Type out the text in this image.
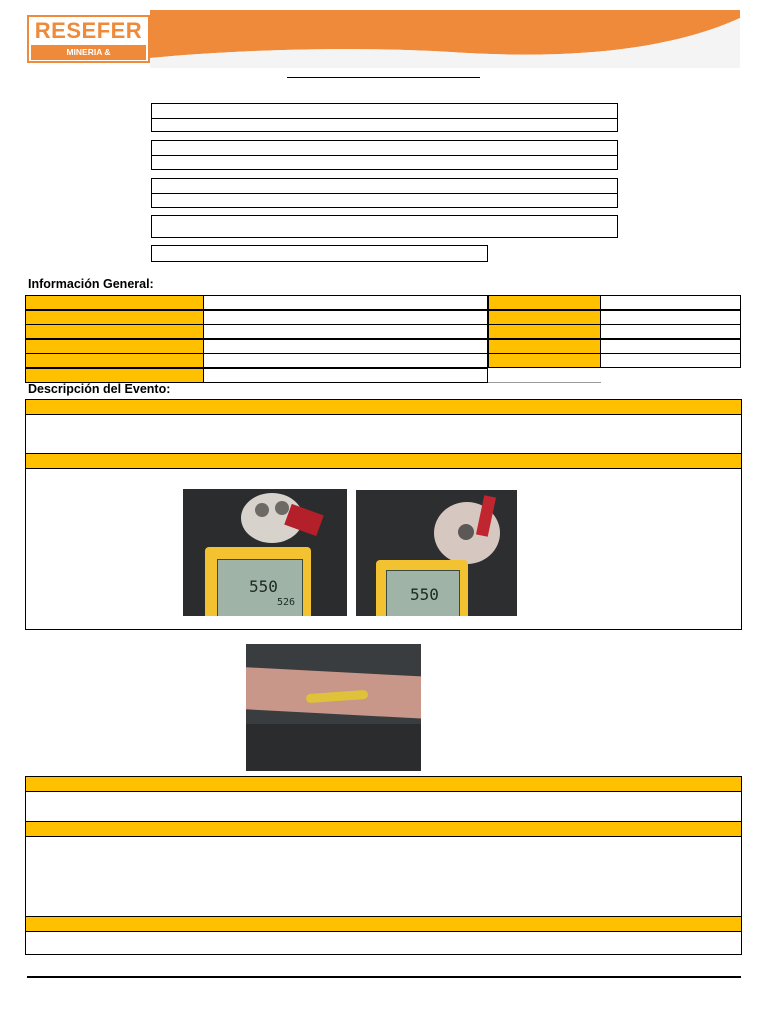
RESEFER
MINERIA & CONSTRUCCION
Información General:
Descripción del Evento:
550
526	550
